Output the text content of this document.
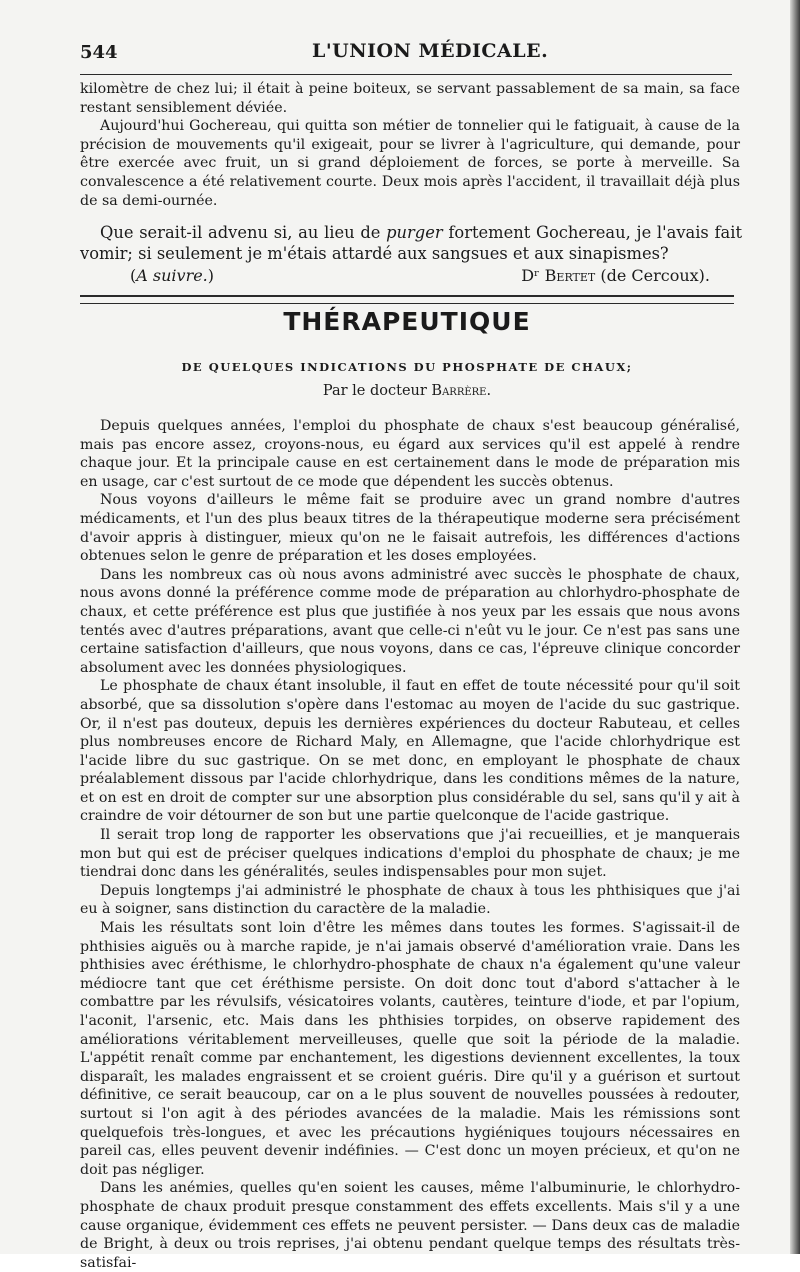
544	L'UNION MÉDICALE.

kilomètre de chez lui; il était à peine boiteux, se servant passablement de sa main, sa face restant sensiblement déviée.

Aujourd'hui Gochereau, qui quitta son métier de tonnelier qui le fatiguait, à cause de la précision de mouvements qu'il exigeait, pour se livrer à l'agriculture, qui demande, pour être exercée avec fruit, un si grand déploiement de forces, se porte à merveille. Sa convalescence a été relativement courte. Deux mois après l'accident, il travaillait déjà plus de sa demi-ournée.

Que serait-il advenu si, au lieu de purger fortement Gochereau, je l'avais fait vomir; si seulement je m'étais attardé aux sangsues et aux sinapismes?

(A suivre.)	Dʳ Bertet (de Cercoux).
THÉRAPEUTIQUE
DE QUELQUES INDICATIONS DU PHOSPHATE DE CHAUX;
Par le docteur Barrère.

Depuis quelques années, l'emploi du phosphate de chaux s'est beaucoup généralisé, mais pas encore assez, croyons-nous, eu égard aux services qu'il est appelé à rendre chaque jour. Et la principale cause en est certainement dans le mode de préparation mis en usage, car c'est surtout de ce mode que dépendent les succès obtenus.

Nous voyons d'ailleurs le même fait se produire avec un grand nombre d'autres médicaments, et l'un des plus beaux titres de la thérapeutique moderne sera précisément d'avoir appris à distinguer, mieux qu'on ne le faisait autrefois, les différences d'actions obtenues selon le genre de préparation et les doses employées.

Dans les nombreux cas où nous avons administré avec succès le phosphate de chaux, nous avons donné la préférence comme mode de préparation au chlorhydro-phosphate de chaux, et cette préférence est plus que justifiée à nos yeux par les essais que nous avons tentés avec d'autres préparations, avant que celle-ci n'eût vu le jour. Ce n'est pas sans une certaine satisfaction d'ailleurs, que nous voyons, dans ce cas, l'épreuve clinique concorder absolument avec les données physiologiques.

Le phosphate de chaux étant insoluble, il faut en effet de toute nécessité pour qu'il soit absorbé, que sa dissolution s'opère dans l'estomac au moyen de l'acide du suc gastrique. Or, il n'est pas douteux, depuis les dernières expériences du docteur Rabuteau, et celles plus nombreuses encore de Richard Maly, en Allemagne, que l'acide chlorhydrique est l'acide libre du suc gastrique. On se met donc, en employant le phosphate de chaux préalablement dissous par l'acide chlorhydrique, dans les conditions mêmes de la nature, et on est en droit de compter sur une absorption plus considérable du sel, sans qu'il y ait à craindre de voir détourner de son but une partie quelconque de l'acide gastrique.

Il serait trop long de rapporter les observations que j'ai recueillies, et je manquerais mon but qui est de préciser quelques indications d'emploi du phosphate de chaux; je me tiendrai donc dans les généralités, seules indispensables pour mon sujet.

Depuis longtemps j'ai administré le phosphate de chaux à tous les phthisiques que j'ai eu à soigner, sans distinction du caractère de la maladie.

Mais les résultats sont loin d'être les mêmes dans toutes les formes. S'agissait-il de phthisies aiguës ou à marche rapide, je n'ai jamais observé d'amélioration vraie. Dans les phthisies avec éréthisme, le chlorhydro-phosphate de chaux n'a également qu'une valeur médiocre tant que cet éréthisme persiste. On doit donc tout d'abord s'attacher à le combattre par les révulsifs, vésicatoires volants, cautères, teinture d'iode, et par l'opium, l'aconit, l'arsenic, etc. Mais dans les phthisies torpides, on observe rapidement des améliorations véritablement merveilleuses, quelle que soit la période de la maladie. L'appétit renaît comme par enchantement, les digestions deviennent excellentes, la toux disparaît, les malades engraissent et se croient guéris. Dire qu'il y a guérison et surtout définitive, ce serait beaucoup, car on a le plus souvent de nouvelles poussées à redouter, surtout si l'on agit à des périodes avancées de la maladie. Mais les rémissions sont quelquefois très-longues, et avec les précautions hygiéniques toujours nécessaires en pareil cas, elles peuvent devenir indéfinies. — C'est donc un moyen précieux, et qu'on ne doit pas négliger.

Dans les anémies, quelles qu'en soient les causes, même l'albuminurie, le chlorhydro-phosphate de chaux produit presque constamment des effets excellents. Mais s'il y a une cause organique, évidemment ces effets ne peuvent persister. — Dans deux cas de maladie de Bright, à deux ou trois reprises, j'ai obtenu pendant quelque temps des résultats très-satisfai-
